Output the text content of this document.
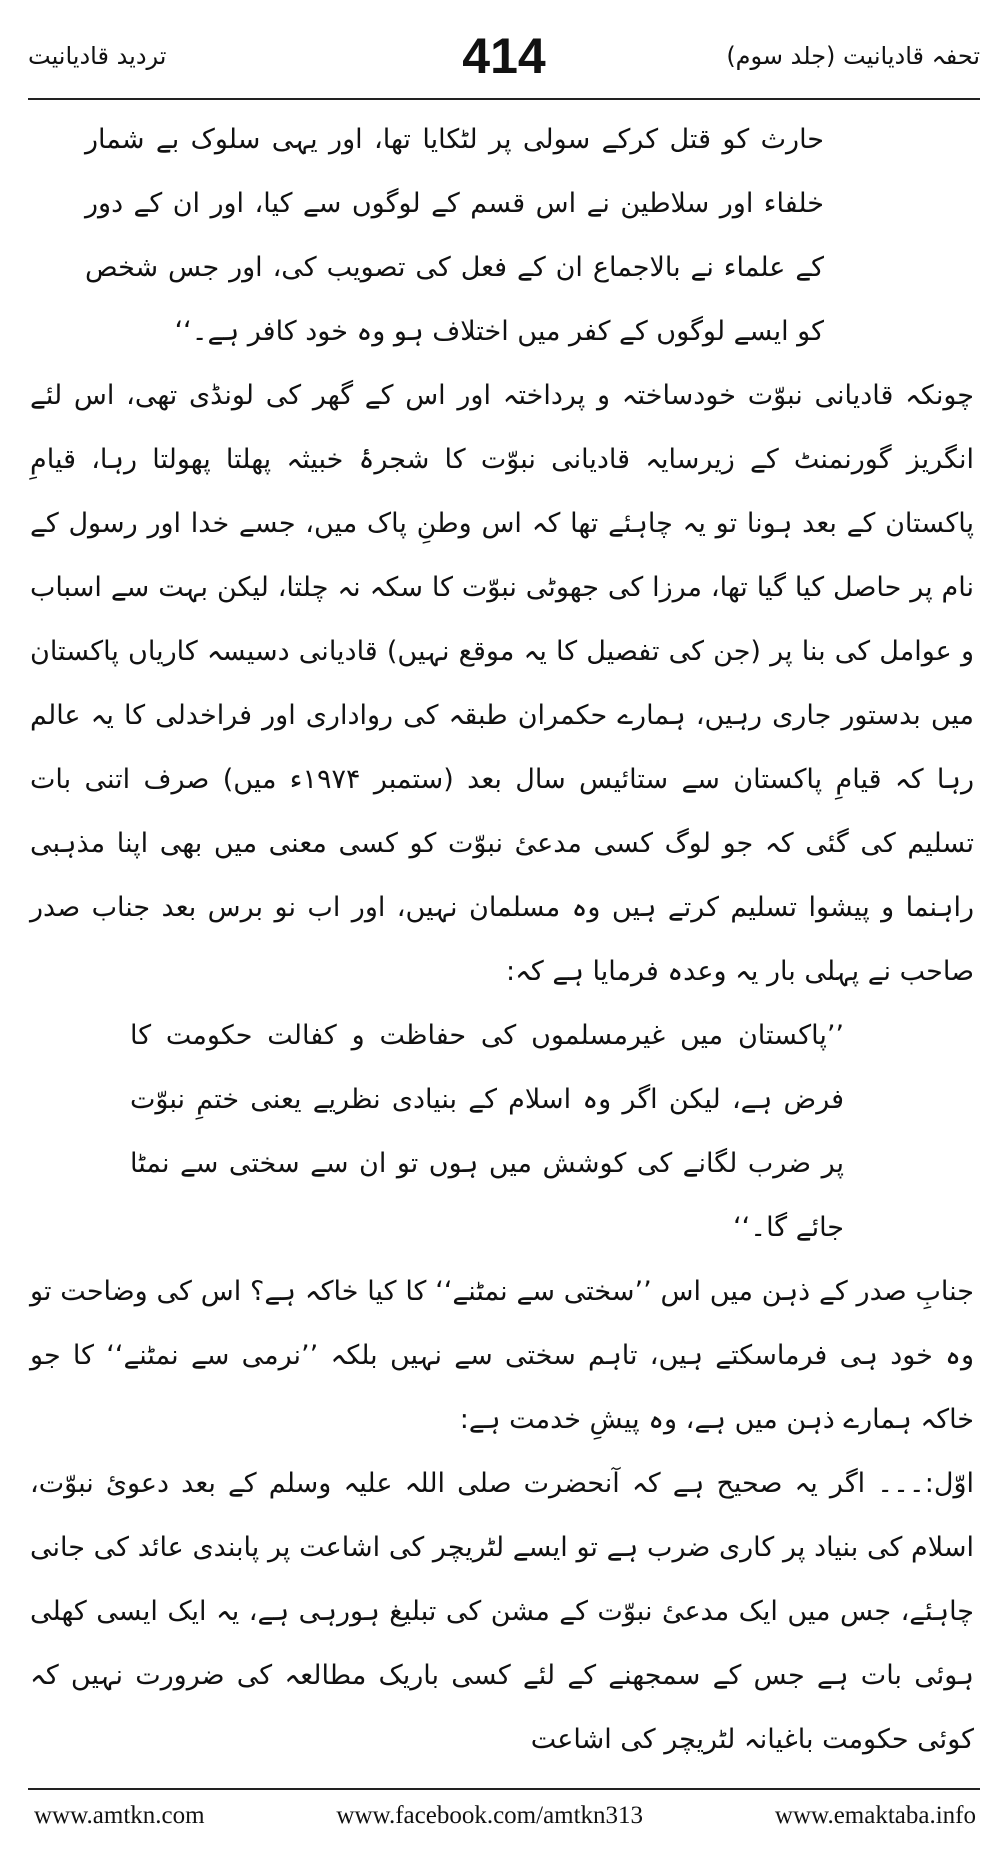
تحفہ قادیانیت (جلد سوم)
414
تردید قادیانیت

حارث کو قتل کرکے سولی پر لٹکایا تھا، اور یہی سلوک بے شمار خلفاء اور سلاطین نے اس قسم کے لوگوں سے کیا، اور ان کے دور کے علماء نے بالاجماع ان کے فعل کی تصویب کی، اور جس شخص کو ایسے لوگوں کے کفر میں اختلاف ہو وہ خود کافر ہے۔‘‘

چونکہ قادیانی نبوّت خودساختہ و پرداختہ اور اس کے گھر کی لونڈی تھی، اس لئے انگریز گورنمنٹ کے زیرسایہ قادیانی نبوّت کا شجرۂ خبیثہ پھلتا پھولتا رہا، قیامِ پاکستان کے بعد ہونا تو یہ چاہئے تھا کہ اس وطنِ پاک میں، جسے خدا اور رسول کے نام پر حاصل کیا گیا تھا، مرزا کی جھوٹی نبوّت کا سکہ نہ چلتا، لیکن بہت سے اسباب و عوامل کی بنا پر (جن کی تفصیل کا یہ موقع نہیں) قادیانی دسیسہ کاریاں پاکستان میں بدستور جاری رہیں، ہمارے حکمران طبقہ کی رواداری اور فراخدلی کا یہ عالم رہا کہ قیامِ پاکستان سے ستائیس سال بعد (ستمبر ۱۹۷۴ء میں) صرف اتنی بات تسلیم کی گئی کہ جو لوگ کسی مدعیٔ نبوّت کو کسی معنی میں بھی اپنا مذہبی راہنما و پیشوا تسلیم کرتے ہیں وہ مسلمان نہیں، اور اب نو برس بعد جناب صدر صاحب نے پہلی بار یہ وعدہ فرمایا ہے کہ:

’’پاکستان میں غیرمسلموں کی حفاظت و کفالت حکومت کا فرض ہے، لیکن اگر وہ اسلام کے بنیادی نظریے یعنی ختمِ نبوّت پر ضرب لگانے کی کوشش میں ہوں تو ان سے سختی سے نمٹا جائے گا۔‘‘

جنابِ صدر کے ذہن میں اس ’’سختی سے نمٹنے‘‘ کا کیا خاکہ ہے؟ اس کی وضاحت تو وہ خود ہی فرماسکتے ہیں، تاہم سختی سے نہیں بلکہ ’’نرمی سے نمٹنے‘‘ کا جو خاکہ ہمارے ذہن میں ہے، وہ پیشِ خدمت ہے:

اوّل:۔۔۔ اگر یہ صحیح ہے کہ آنحضرت صلی اللہ علیہ وسلم کے بعد دعویٔ نبوّت، اسلام کی بنیاد پر کاری ضرب ہے تو ایسے لٹریچر کی اشاعت پر پابندی عائد کی جانی چاہئے، جس میں ایک مدعیٔ نبوّت کے مشن کی تبلیغ ہورہی ہے، یہ ایک ایسی کھلی ہوئی بات ہے جس کے سمجھنے کے لئے کسی باریک مطالعہ کی ضرورت نہیں کہ کوئی حکومت باغیانہ لٹریچر کی اشاعت

www.amtkn.com	www.facebook.com/amtkn313	www.emaktaba.info
